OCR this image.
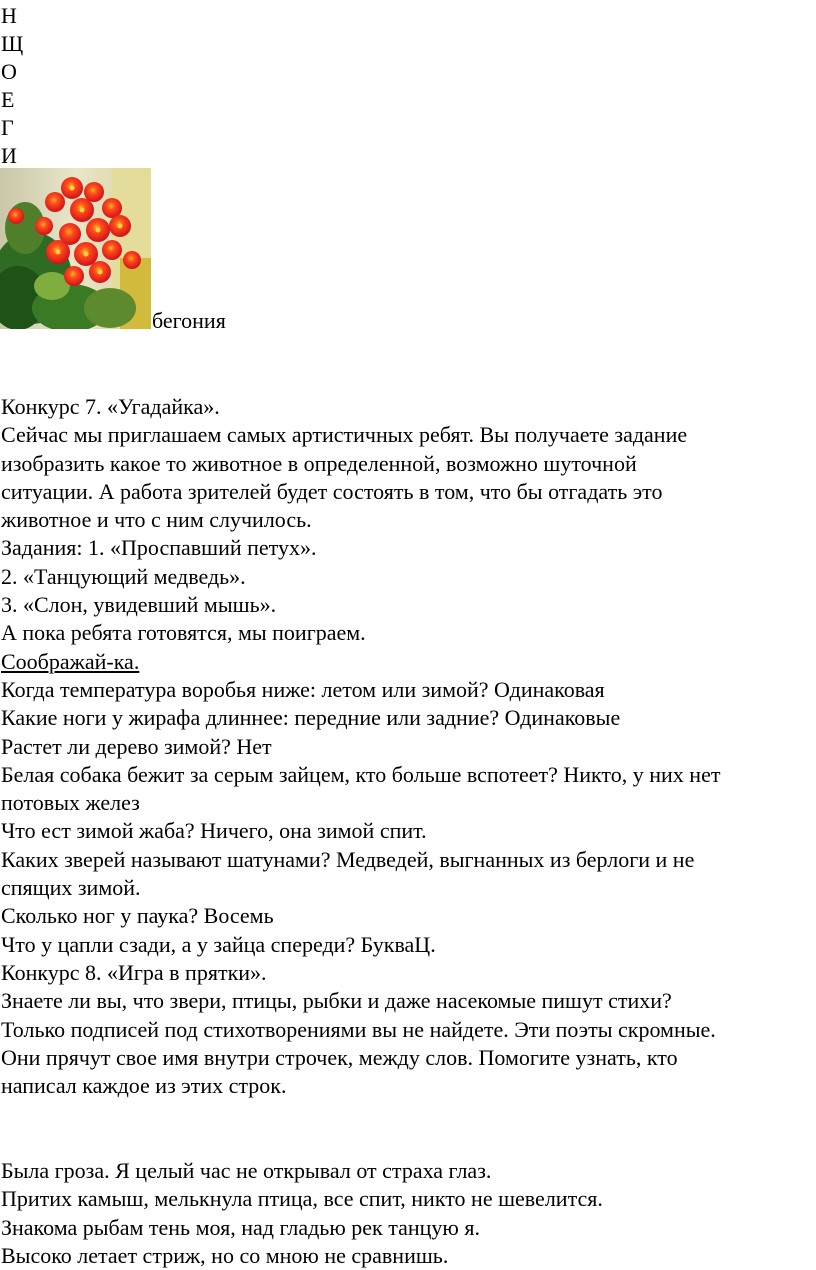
Н
Щ
О
Е
Г
И
бегония
Конкурс 7. «Угадайка».
Сейчас мы приглашаем самых артистичных ребят. Вы получаете задание
изобразить какое то животное в определенной, возможно шуточной
ситуации. А работа зрителей будет состоять в том, что бы отгадать это
животное и что с ним случилось.
Задания: 1. «Проспавший петух».
2. «Танцующий медведь».
3. «Слон, увидевший мышь».
А пока ребята готовятся, мы поиграем.
Соображай-ка.
Когда температура воробья ниже: летом или зимой? Одинаковая
Какие ноги у жирафа длиннее: передние или задние? Одинаковые
Растет ли дерево зимой? Нет
Белая собака бежит за серым зайцем, кто больше вспотеет? Никто, у них нет
потовых желез
Что ест зимой жаба? Ничего, она зимой спит.
Каких зверей называют шатунами? Медведей, выгнанных из берлоги и не
спящих зимой.
Сколько ног у паука? Восемь
Что у цапли сзади, а у зайца спереди? БукваЦ.
Конкурс 8. «Игра в прятки».
Знаете ли вы, что звери, птицы, рыбки и даже насекомые пишут стихи?
Только подписей под стихотворениями вы не найдете. Эти поэты скромные.
Они прячут свое имя внутри строчек, между слов. Помогите узнать, кто
написал каждое из этих строк.
Была гроза. Я целый час не открывал от страха глаз.
Притих камыш, мелькнула птица, все спит, никто не шевелится.
Знакома рыбам тень моя, над гладью рек танцую я.
Высоко летает стриж, но со мною не сравнишь.
